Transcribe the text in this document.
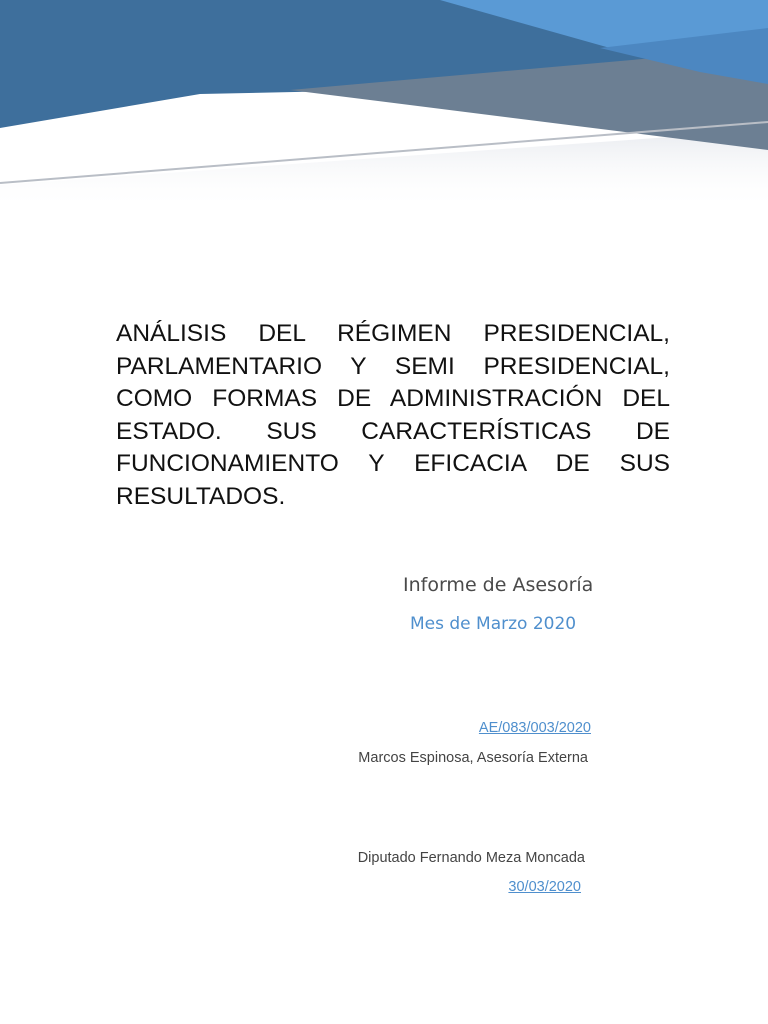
ANÁLISIS DEL RÉGIMEN PRESIDENCIAL, PARLAMENTARIO Y SEMI PRESIDENCIAL, COMO FORMAS DE ADMINISTRACIÓN DEL ESTADO. SUS CARACTERÍSTICAS DE FUNCIONAMIENTO Y EFICACIA DE SUS RESULTADOS.
Informe de Asesoría
Mes de Marzo 2020
AE/083/003/2020
Marcos Espinosa, Asesoría Externa
Diputado Fernando Meza Moncada
30/03/2020
